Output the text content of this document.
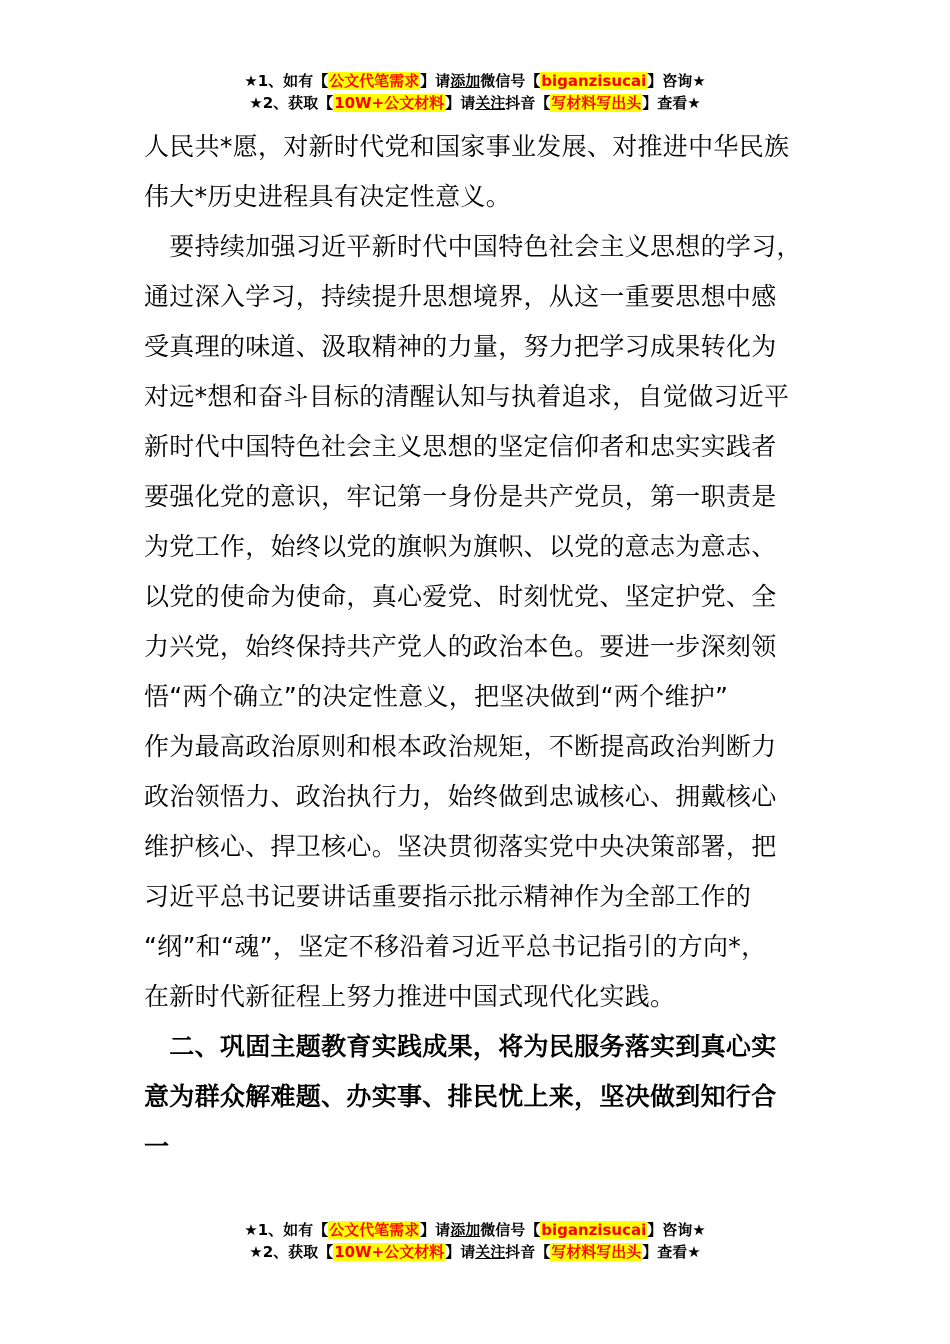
★1、如有【公文代笔需求】请添加微信号【biganzisucai】咨询★
★2、获取【10W+公文材料】请关注抖音【写材料写出头】查看★
人民共*愿，对新时代党和国家事业发展、对推进中华民族
伟大*历史进程具有决定性意义。
　要持续加强习近平新时代中国特色社会主义思想的学习，
通过深入学习，持续提升思想境界，从这一重要思想中感
受真理的味道、汲取精神的力量，努力把学习成果转化为
对远*想和奋斗目标的清醒认知与执着追求，自觉做习近平
新时代中国特色社会主义思想的坚定信仰者和忠实实践者
要强化党的意识，牢记第一身份是共产党员，第一职责是
为党工作，始终以党的旗帜为旗帜、以党的意志为意志、
以党的使命为使命，真心爱党、时刻忧党、坚定护党、全
力兴党，始终保持共产党人的政治本色。要进一步深刻领
悟“两个确立”的决定性意义，把坚决做到“两个维护”
作为最高政治原则和根本政治规矩，不断提高政治判断力
政治领悟力、政治执行力，始终做到忠诚核心、拥戴核心
维护核心、捍卫核心。坚决贯彻落实党中央决策部署，把
习近平总书记要讲话重要指示批示精神作为全部工作的
“纲”和“魂”，坚定不移沿着习近平总书记指引的方向*，
在新时代新征程上努力推进中国式现代化实践。
　二、巩固主题教育实践成果，将为民服务落实到真心实
意为群众解难题、办实事、排民忧上来，坚决做到知行合
一
★1、如有【公文代笔需求】请添加微信号【biganzisucai】咨询★
★2、获取【10W+公文材料】请关注抖音【写材料写出头】查看★
